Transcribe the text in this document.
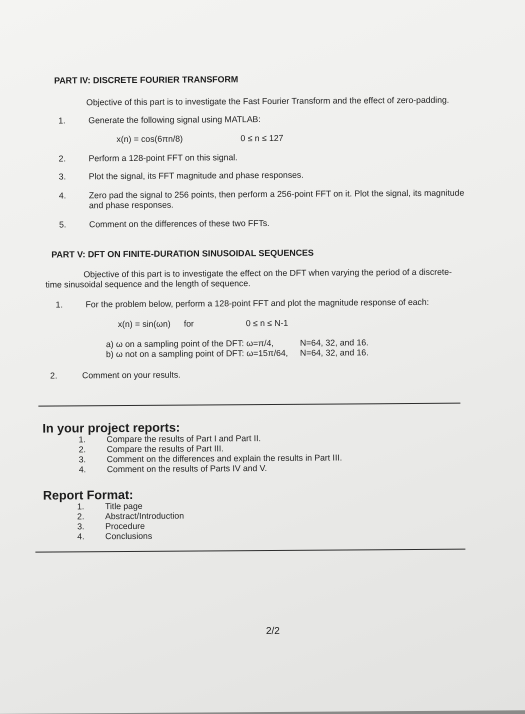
PART IV: DISCRETE FOURIER TRANSFORM
Objective of this part is to investigate the Fast Fourier Transform and the effect of zero-padding.
1.	Generate the following signal using MATLAB:
x(n) = cos(6πn/8)	0 ≤ n ≤ 127
2.	Perform a 128-point FFT on this signal.
3.	Plot the signal, its FFT magnitude and phase responses.
4.	Zero pad the signal to 256 points, then perform a 256-point FFT on it. Plot the signal, its magnitude
and phase responses.
5.	Comment on the differences of these two FFTs.
PART V: DFT ON FINITE-DURATION SINUSOIDAL SEQUENCES
Objective of this part is to investigate the effect on the DFT when varying the period of a discrete-
time sinusoidal sequence and the length of sequence.
1.	For the problem below, perform a 128-point FFT and plot the magnitude response of each:
x(n) = sin(ωn) for	0 ≤ n ≤ N-1
a) ω on a sampling point of the DFT: ω=π/4,	N=64, 32, and 16.
b) ω not on a sampling point of DFT: ω=15π/64, N=64, 32, and 16.
2.	Comment on your results.
In your project reports:
1. Compare the results of Part I and Part II.
2. Compare the results of Part III.
3. Comment on the differences and explain the results in Part III.
4. Comment on the results of Parts IV and V.
Report Format:
1. Title page
2. Abstract/Introduction
3. Procedure
4. Conclusions
2/2
